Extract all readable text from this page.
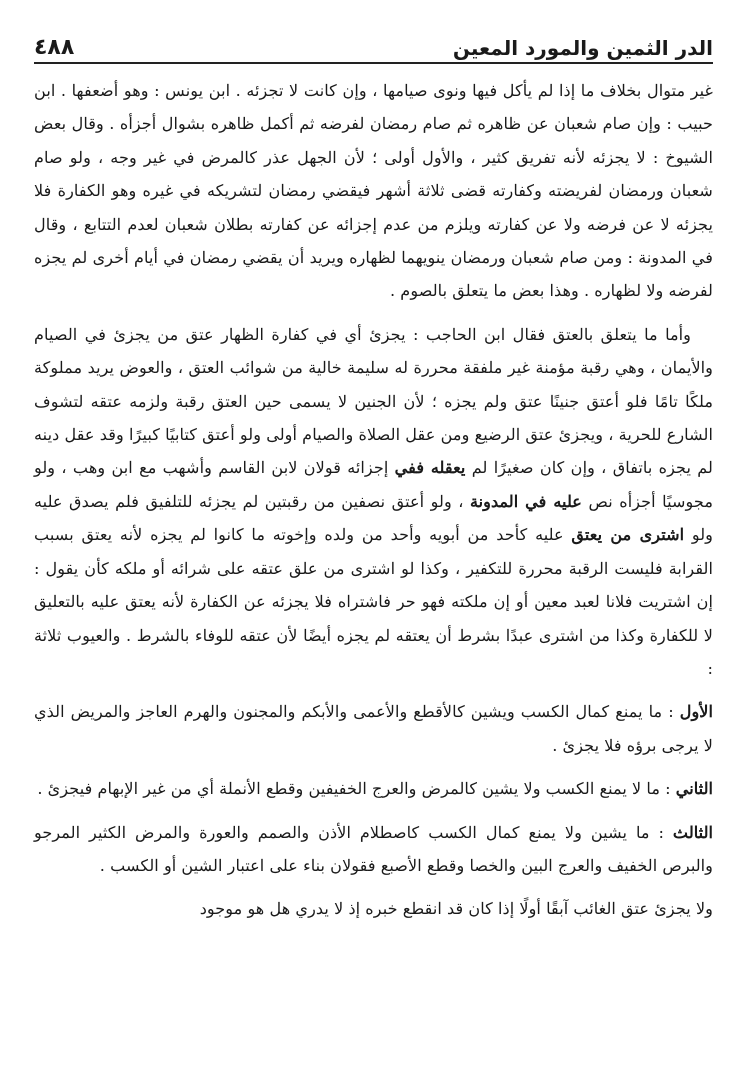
٤٨٨	الدر الثمين والمورد المعين

غير متوال بخلاف ما إذا لم يأكل فيها ونوى صيامها ، وإن كانت لا تجزئه . ابن يونس : وهو أضعفها . ابن حبيب : وإن صام شعبان عن ظاهره ثم صام رمضان لفرضه ثم أكمل ظاهره بشوال أجزأه . وقال بعض الشيوخ : لا يجزئه لأنه تفريق كثير ، والأول أولى ؛ لأن الجهل عذر كالمرض في غير وجه ، ولو صام شعبان ورمضان لفريضته وكفارته قضى ثلاثة أشهر فيقضي رمضان لتشريكه في غيره وهو الكفارة فلا يجزئه لا عن فرضه ولا عن كفارته ويلزم من عدم إجزائه عن كفارته بطلان شعبان لعدم التتابع ، وقال في المدونة : ومن صام شعبان ورمضان ينويهما لظهاره ويريد أن يقضي رمضان في أيام أخرى لم يجزه لفرضه ولا لظهاره . وهذا بعض ما يتعلق بالصوم .

وأما ما يتعلق بالعتق فقال ابن الحاجب : يجزئ أي في كفارة الظهار عتق من يجزئ في الصيام والأيمان ، وهي رقبة مؤمنة غير ملفقة محررة له سليمة خالية من شوائب العتق ، والعوض يريد مملوكة ملكًا تامًا فلو أعتق جنينًا عتق ولم يجزه ؛ لأن الجنين لا يسمى حين العتق رقبة ولزمه عتقه لتشوف الشارع للحرية ، ويجزئ عتق الرضيع ومن عقل الصلاة والصيام أولى ولو أعتق كتابيًا كبيرًا وقد عقل دينه لم يجزه باتفاق ، وإن كان صغيرًا لم يعقله ففي إجزائه قولان لابن القاسم وأشهب مع ابن وهب ، ولو مجوسيًا أجزأه نص عليه في المدونة ، ولو أعتق نصفين من رقبتين لم يجزئه للتلفيق فلم يصدق عليه ولو اشترى من يعتق عليه كأحد من أبويه وأحد من ولده وإخوته ما كانوا لم يجزه لأنه يعتق بسبب القرابة فليست الرقبة محررة للتكفير ، وكذا لو اشترى من علق عتقه على شرائه أو ملكه كأن يقول : إن اشتريت فلانا لعبد معين أو إن ملكته فهو حر فاشتراه فلا يجزئه عن الكفارة لأنه يعتق عليه بالتعليق لا للكفارة وكذا من اشترى عبدًا بشرط أن يعتقه لم يجزه أيضًا لأن عتقه للوفاء بالشرط . والعيوب ثلاثة :

الأول : ما يمنع كمال الكسب ويشين كالأقطع والأعمى والأبكم والمجنون والهرم العاجز والمريض الذي لا يرجى برؤه فلا يجزئ .

الثاني : ما لا يمنع الكسب ولا يشين كالمرض والعرج الخفيفين وقطع الأنملة أي من غير الإبهام فيجزئ .

الثالث : ما يشين ولا يمنع كمال الكسب كاصطلام الأذن والصمم والعورة والمرض الكثير المرجو والبرص الخفيف والعرج البين والخصا وقطع الأصبع فقولان بناء على اعتبار الشين أو الكسب .

ولا يجزئ عتق الغائب آبقًا أولًا إذا كان قد انقطع خبره إذ لا يدري هل هو موجود
